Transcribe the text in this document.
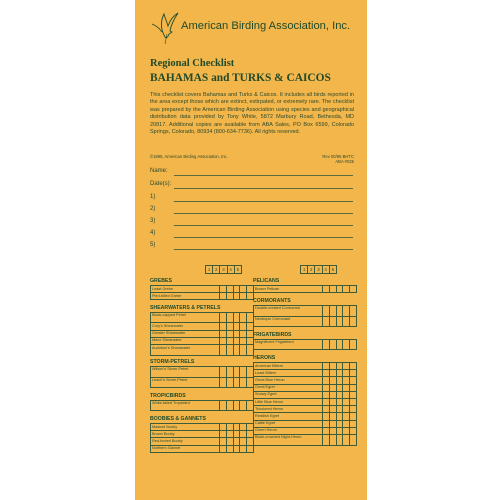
American Birding Association, Inc.
Regional Checklist
BAHAMAS and TURKS & CAICOS
This checklist covers Bahamas and Turks & Caicos. It includes all birds reported in the area except those which are extinct, extirpated, or extremely rare. The checklist was prepared by the American Birding Association using species and geographical distribution data provided by Tony White, 5872 Marbury Road, Bethesda, MD 20817. Additional copies are available from ABA Sales, PO Box 6599, Colorado Springs, Colorado, 80934 (800-634-7736). All rights reserved.
©1995, American Birding Association, Inc.	Rev 00/95 BHTC
ABA #025
Name:
Date(s):
1)
2)
3)
4)
5)
1	2	3	4	5	1	2	3	4	5
GREBES
Least Grebe
Pied-billed Grebe
SHEARWATERS & PETRELS
Black-capped Petrel
Cory's Shearwater
Greater Shearwater
Manx Shearwater
Audubon's Shearwater
STORM-PETRELS
Wilson's Storm-Petrel
Leach's Storm-Petrel
TROPICBIRDS
White-tailed Tropicbird
BOOBIES & GANNETS
Masked Booby
Brown Booby
Red-footed Booby
Northern Gannet
PELICANS
Brown Pelican
CORMORANTS
Double-crested Cormorant
Neotropic Cormorant
FRIGATEBIRDS
Magnificent Frigatebird
HERONS
American Bittern
Least Bittern
Great Blue Heron
Great Egret
Snowy Egret
Little Blue Heron
Tricolored Heron
Reddish Egret
Cattle Egret
Green Heron
Black-crowned Night-Heron
